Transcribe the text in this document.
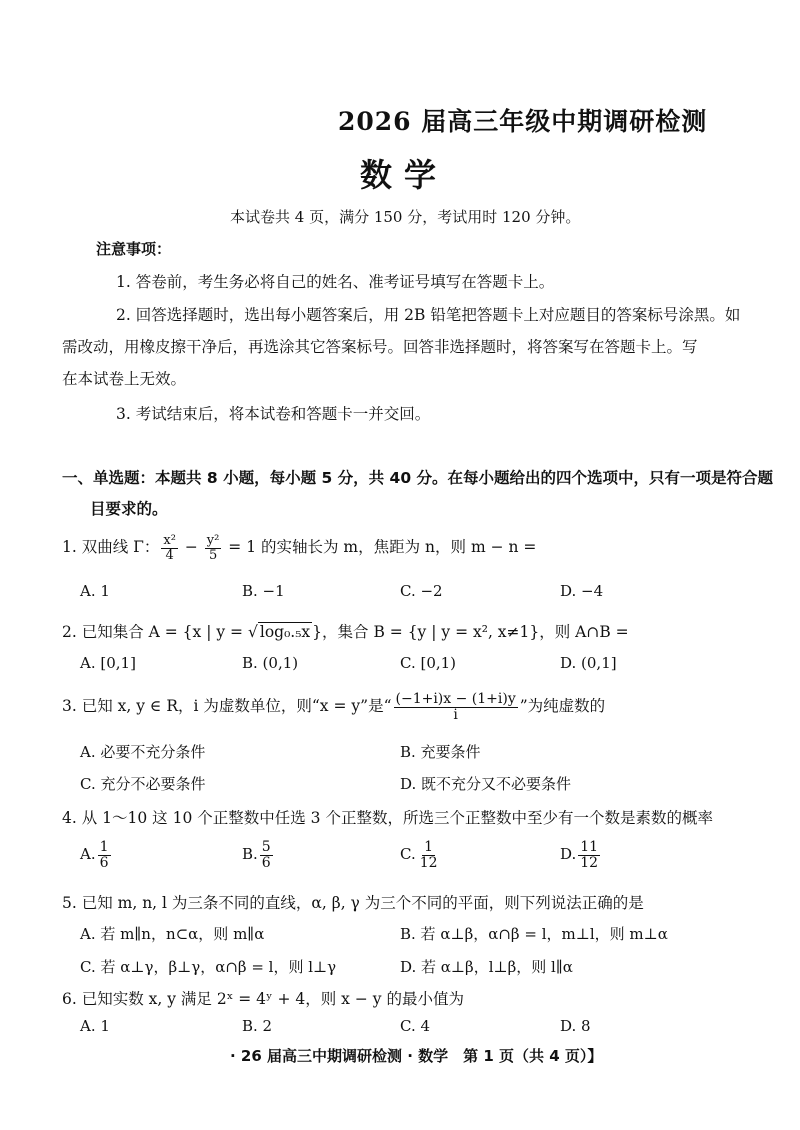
2026 届高三年级中期调研检测
数学
本试卷共 4 页，满分 150 分，考试用时 120 分钟。
注意事项：
1. 答卷前，考生务必将自己的姓名、准考证号填写在答题卡上。
2. 回答选择题时，选出每小题答案后，用 2B 铅笔把答题卡上对应题目的答案标号涂黑。如
需改动，用橡皮擦干净后，再选涂其它答案标号。回答非选择题时，将答案写在答题卡上。写
在本试卷上无效。
3. 考试结束后，将本试卷和答题卡一并交回。
一、单选题：本题共 8 小题，每小题 5 分，共 40 分。在每小题给出的四个选项中，只有一项是符合题
目要求的。
1. 双曲线 Γ： $\frac{\text{x²}}{4} - \frac{\text{y²}}{5} = 1$ 的实轴长为 m，焦距为 n，则 m − n =
A. 1	B. −1	C. −2	D. −4
2. 已知集合 A = {x | y = √ log₀.₅x }，集合 B = {y | y = x², x≠1}，则 A∩B =
A. [0,1]	B. (0,1)	C. [0,1)	D. (0,1]
3. 已知 x, y ∈ R，i 为虚数单位，则“x = y”是“ $\frac{(-1+i)x - (1+i)y}{i}$ ”为纯虚数的
A. 必要不充分条件	B. 充要条件
C. 充分不必要条件	D. 既不充分又不必要条件
4. 从 1～10 这 10 个正整数中任选 3 个正整数，所选三个正整数中至少有一个数是素数的概率
A. $\frac{1}{6}$	B. $\frac{5}{6}$	C. $\frac{1}{12}$	D. $\frac{11}{12}$
5. 已知 m, n, l 为三条不同的直线，α, β, γ 为三个不同的平面，则下列说法正确的是
A. 若 m∥n，n⊂α，则 m∥α	B. 若 α⊥β，α∩β = l，m⊥l，则 m⊥α
C. 若 α⊥γ，β⊥γ，α∩β = l，则 l⊥γ	D. 若 α⊥β，l⊥β，则 l∥α
6. 已知实数 x, y 满足 2ˣ = 4ʸ + 4，则 x − y 的最小值为
A. 1	B. 2	C. 4	D. 8
· 26 届高三中期调研检测 · 数学　第 1 页（共 4 页）】
